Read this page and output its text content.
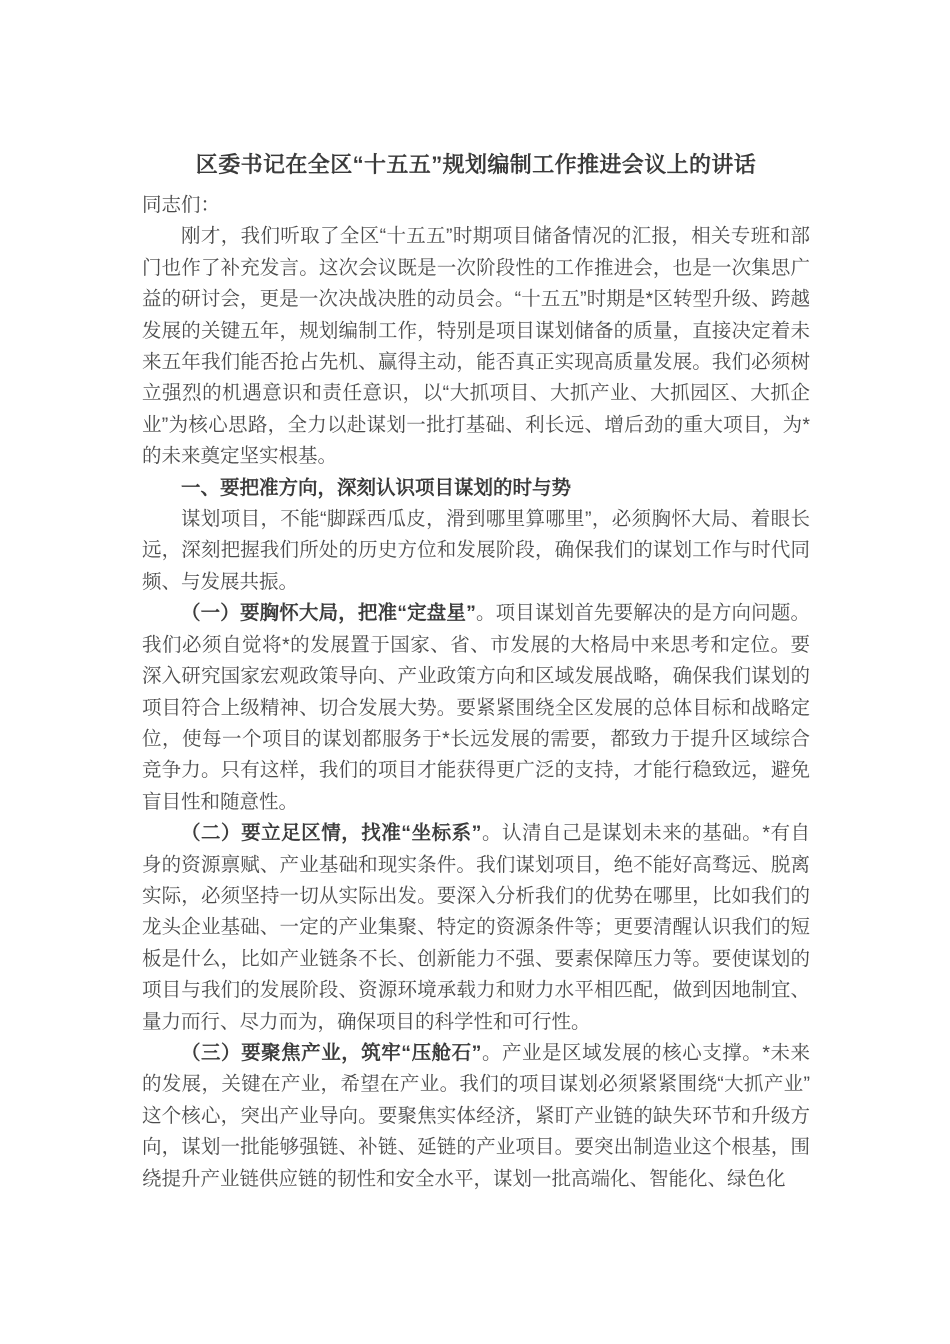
区委书记在全区“十五五”规划编制工作推进会议上的讲话

同志们：

刚才，我们听取了全区“十五五”时期项目储备情况的汇报，相关专班和部门也作了补充发言。这次会议既是一次阶段性的工作推进会，也是一次集思广益的研讨会，更是一次决战决胜的动员会。“十五五”时期是*区转型升级、跨越发展的关键五年，规划编制工作，特别是项目谋划储备的质量，直接决定着未来五年我们能否抢占先机、赢得主动，能否真正实现高质量发展。我们必须树立强烈的机遇意识和责任意识，以“大抓项目、大抓产业、大抓园区、大抓企业”为核心思路，全力以赴谋划一批打基础、利长远、增后劲的重大项目，为*的未来奠定坚实根基。

一、要把准方向，深刻认识项目谋划的时与势

谋划项目，不能“脚踩西瓜皮，滑到哪里算哪里”，必须胸怀大局、着眼长远，深刻把握我们所处的历史方位和发展阶段，确保我们的谋划工作与时代同频、与发展共振。

（一）要胸怀大局，把准“定盘星”。项目谋划首先要解决的是方向问题。我们必须自觉将*的发展置于国家、省、市发展的大格局中来思考和定位。要深入研究国家宏观政策导向、产业政策方向和区域发展战略，确保我们谋划的项目符合上级精神、切合发展大势。要紧紧围绕全区发展的总体目标和战略定位，使每一个项目的谋划都服务于*长远发展的需要，都致力于提升区域综合竞争力。只有这样，我们的项目才能获得更广泛的支持，才能行稳致远，避免盲目性和随意性。

（二）要立足区情，找准“坐标系”。认清自己是谋划未来的基础。*有自身的资源禀赋、产业基础和现实条件。我们谋划项目，绝不能好高骛远、脱离实际，必须坚持一切从实际出发。要深入分析我们的优势在哪里，比如我们的龙头企业基础、一定的产业集聚、特定的资源条件等；更要清醒认识我们的短板是什么，比如产业链条不长、创新能力不强、要素保障压力等。要使谋划的项目与我们的发展阶段、资源环境承载力和财力水平相匹配，做到因地制宜、量力而行、尽力而为，确保项目的科学性和可行性。

（三）要聚焦产业，筑牢“压舱石”。产业是区域发展的核心支撑。*未来的发展，关键在产业，希望在产业。我们的项目谋划必须紧紧围绕“大抓产业”这个核心，突出产业导向。要聚焦实体经济，紧盯产业链的缺失环节和升级方向，谋划一批能够强链、补链、延链的产业项目。要突出制造业这个根基，围绕提升产业链供应链的韧性和安全水平，谋划一批高端化、智能化、绿色化
